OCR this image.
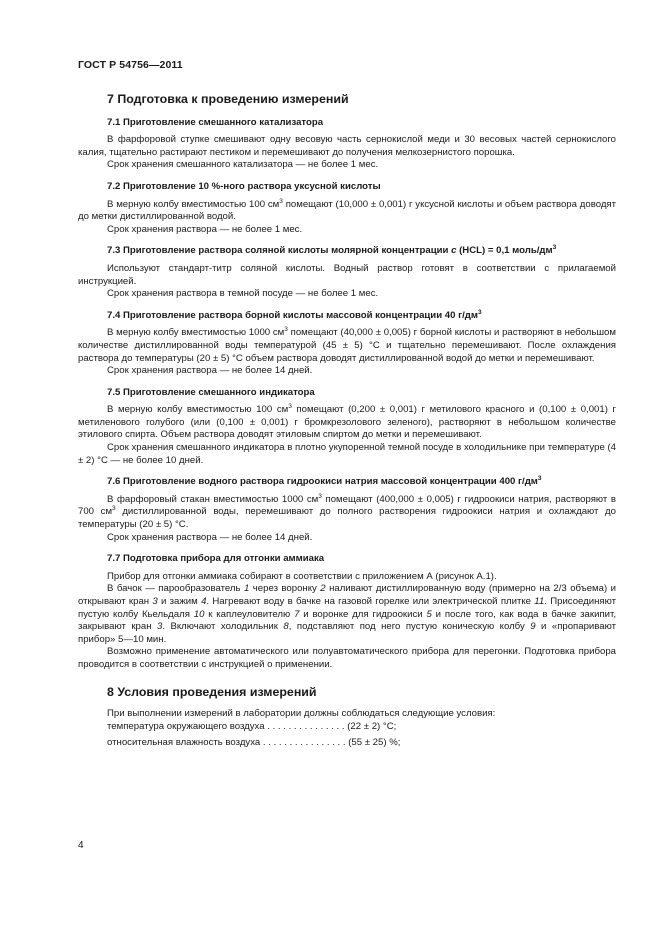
ГОСТ Р 54756—2011
7 Подготовка к проведению измерений
7.1 Приготовление смешанного катализатора
В фарфоровой ступке смешивают одну весовую часть сернокислой меди и 30 весовых частей сернокислого калия, тщательно растирают пестиком и перемешивают до получения мелкозернистого порошка.
Срок хранения смешанного катализатора — не более 1 мес.
7.2 Приготовление 10 %-ного раствора уксусной кислоты
В мерную колбу вместимостью 100 $см^3$ помещают (10,000 ± 0,001) г уксусной кислоты и объем раствора доводят до метки дистиллированной водой.
Срок хранения раствора — не более 1 мес.
7.3 Приготовление раствора соляной кислоты молярной концентрации с (HCL) = 0,1 моль/$дм^3$
Используют стандарт-титр соляной кислоты. Водный раствор готовят в соответствии с прилагаемой инструкцией.
Срок хранения раствора в темной посуде — не более 1 мес.
7.4 Приготовление раствора борной кислоты массовой концентрации 40 $г/дм^3$
В мерную колбу вместимостью 1000 $см^3$ помещают (40,000 ± 0,005) г борной кислоты и растворяют в небольшом количестве дистиллированной воды температурой (45 ± 5) °С и тщательно перемешивают. После охлаждения раствора до температуры (20 ± 5) °С объем раствора доводят дистиллированной водой до метки и перемешивают.
Срок хранения раствора — не более 14 дней.
7.5 Приготовление смешанного индикатора
В мерную колбу вместимостью 100 $см^3$ помещают (0,200 ± 0,001) г метилового красного и (0,100 ± 0,001) г метиленового голубого (или (0,100 ± 0,001) г бромкрезолового зеленого), растворяют в небольшом количестве этилового спирта. Объем раствора доводят этиловым спиртом до метки и перемешивают.
Срок хранения смешанного индикатора в плотно укупоренной темной посуде в холодильнике при температуре (4 ± 2) °С — не более 10 дней.
7.6 Приготовление водного раствора гидроокиси натрия массовой концентрации 400 $г/дм^3$
В фарфоровый стакан вместимостью 1000 $см^3$ помещают (400,000 ± 0,005) г гидроокиси натрия, растворяют в 700 $см^3$ дистиллированной воды, перемешивают до полного растворения гидроокиси натрия и охлаждают до температуры (20 ± 5) °С.
Срок хранения раствора — не более 14 дней.
7.7 Подготовка прибора для отгонки аммиака
Прибор для отгонки аммиака собирают в соответствии с приложением А (рисунок А.1).
В бачок — парообразователь 1 через воронку 2 наливают дистиллированную воду (примерно на 2/3 объема) и открывают кран 3 и зажим 4. Нагревают воду в бачке на газовой горелке или электрической плитке 11. Присоединяют пустую колбу Кьельдаля 10 к каплеуловителю 7 и воронке для гидроокиси 5 и после того, как вода в бачке закипит, закрывают кран 3. Включают холодильник 8, подставляют под него пустую коническую колбу 9 и «пропаривают прибор» 5—10 мин.
Возможно применение автоматического или полуавтоматического прибора для перегонки. Подготовка прибора проводится в соответствии с инструкцией о применении.
8 Условия проведения измерений
При выполнении измерений в лаборатории должны соблюдаться следующие условия:
температура окружающего воздуха . . . . . . . . . . . . . . . (22 ± 2) °С;
относительная влажность воздуха . . . . . . . . . . . . . . . . (55 ± 25) %;
4
